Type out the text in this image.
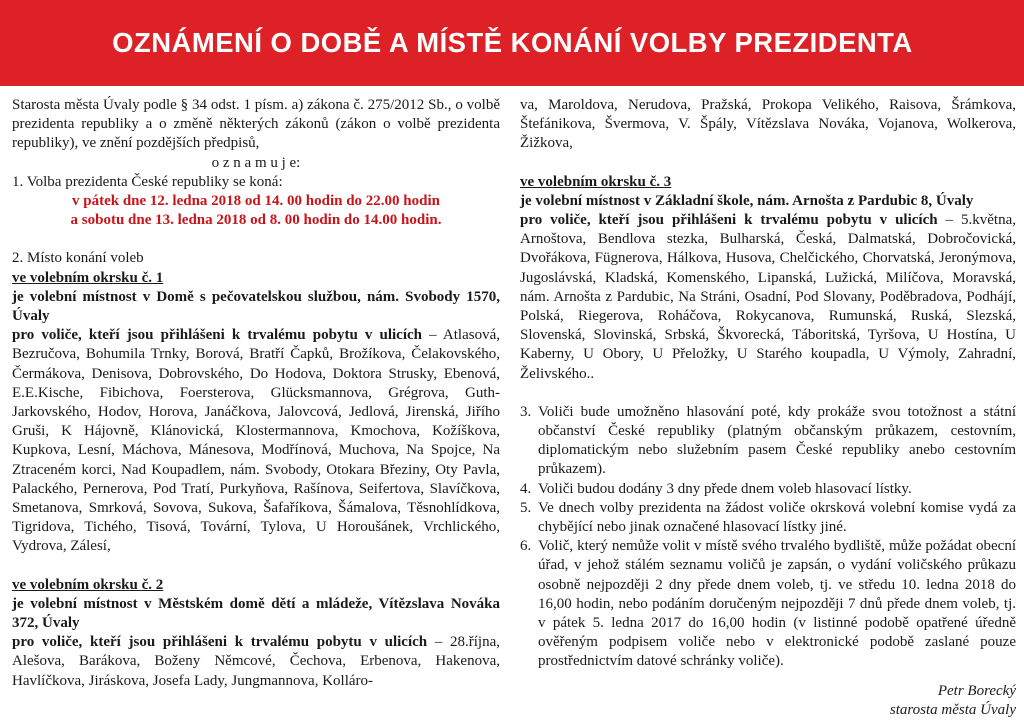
OZNÁMENÍ O DOBĚ A MÍSTĚ KONÁNÍ VOLBY PREZIDENTA

Starosta města Úvaly podle § 34 odst. 1 písm. a) zákona č. 275/2012 Sb., o volbě prezidenta republiky a o změně některých zákonů (zákon o volbě prezidenta republiky), ve znění pozdějších předpisů,

o z n a m u j e:

1. Volba prezidenta České republiky se koná:

v pátek dne 12. ledna 2018 od 14. 00 hodin do 22.00 hodin

a sobotu dne 13. ledna 2018 od 8. 00 hodin do 14.00 hodin.

2. Místo konání voleb

ve volebním okrsku č. 1

je volební místnost v Domě s pečovatelskou službou, nám. Svobody 1570, Úvaly

pro voliče, kteří jsou přihlášeni k trvalému pobytu v ulicích – Atlasová, Bezručova, Bohumila Trnky, Borová, Bratří Čapků, Brožíkova, Čelakovského, Čermákova, Denisova, Dobrovského, Do Hodova, Doktora Strusky, Ebenová, E.E.Kische, Fibichova, Foersterova, Glücksmannova, Grégrova, Guth-Jarkovského, Hodov, Horova, Janáčkova, Jalovcová, Jedlová, Jirenská, Jiřího Gruši, K Hájovně, Klánovická, Klostermannova, Kmochova, Kožíškova, Kupkova, Lesní, Máchova, Mánesova, Modřínová, Muchova, Na Spojce, Na Ztraceném korci, Nad Koupadlem, nám. Svobody, Otokara Březiny, Oty Pavla, Palackého, Pernerova, Pod Tratí, Purkyňova, Rašínova, Seifertova, Slavíčkova, Smetanova, Smrková, Sovova, Sukova, Šafaříkova, Šámalova, Těsnohlídkova, Tigridova, Tichého, Tisová, Tovární, Tylova, U Horoušánek, Vrchlického, Vydrova, Zálesí,

ve volebním okrsku č. 2

je volební místnost v Městském domě dětí a mládeže, Vítězslava Nováka 372, Úvaly

pro voliče, kteří jsou přihlášeni k trvalému pobytu v ulicích – 28.října, Alešova, Barákova, Boženy Němcové, Čechova, Erbenova, Hakenova, Havlíčkova, Jiráskova, Josefa Lady, Jungmannova, Kolláro-

va, Maroldova, Nerudova, Pražská, Prokopa Velikého, Raisova, Šrámkova, Štefánikova, Švermova, V. Špály, Vítězslava Nováka, Vojanova, Wolkerova, Žižkova,

ve volebním okrsku č. 3

je volební místnost v Základní škole, nám. Arnošta z Pardubic 8, Úvaly

pro voliče, kteří jsou přihlášeni k trvalému pobytu v ulicích – 5.května, Arnoštova, Bendlova stezka, Bulharská, Česká, Dalmatská, Dobročovická, Dvořákova, Fügnerova, Hálkova, Husova, Chelčického, Chorvatská, Jeronýmova, Jugoslávská, Kladská, Komenského, Lipanská, Lužická, Milíčova, Moravská, nám. Arnošta z Pardubic, Na Stráni, Osadní, Pod Slovany, Poděbradova, Podhájí, Polská, Riegerova, Roháčova, Rokycanova, Rumunská, Ruská, Slezská, Slovenská, Slovinská, Srbská, Škvorecká, Táboritská, Tyršova, U Hostína, U Kaberny, U Obory, U Přeložky, U Starého koupadla, U Výmoly, Zahradní, Želivského..

3. Voliči bude umožněno hlasování poté, kdy prokáže svou totožnost a státní občanství České republiky (platným občanským průkazem, cestovním, diplomatickým nebo služebním pasem České republiky anebo cestovním průkazem).
4. Voliči budou dodány 3 dny předе dnem voleb hlasovací lístky.
5. Ve dnech volby prezidenta na žádost voliče okrsková volební komise vydá za chybějící nebo jinak označené hlasovací lístky jiné.
6. Volič, který nemůže volit v místě svého trvalého bydliště, může požádat obecní úřad, v jehož stálém seznamu voličů je zapsán, o vydání voličského průkazu osobně nejpozději 2 dny předе dnem voleb, tj. ve středu 10. ledna 2018 do 16,00 hodin, nebo podáním doručeným nejpozději 7 dnů předе dnem voleb, tj. v pátek 5. ledna 2017 do 16,00 hodin (v listinné podobě opatřené úředně ověřeným podpisem voliče nebo v elektronické podobě zaslané pouze prostřednictvím datové schránky voliče).

Petr Borecký

starosta města Úvaly
